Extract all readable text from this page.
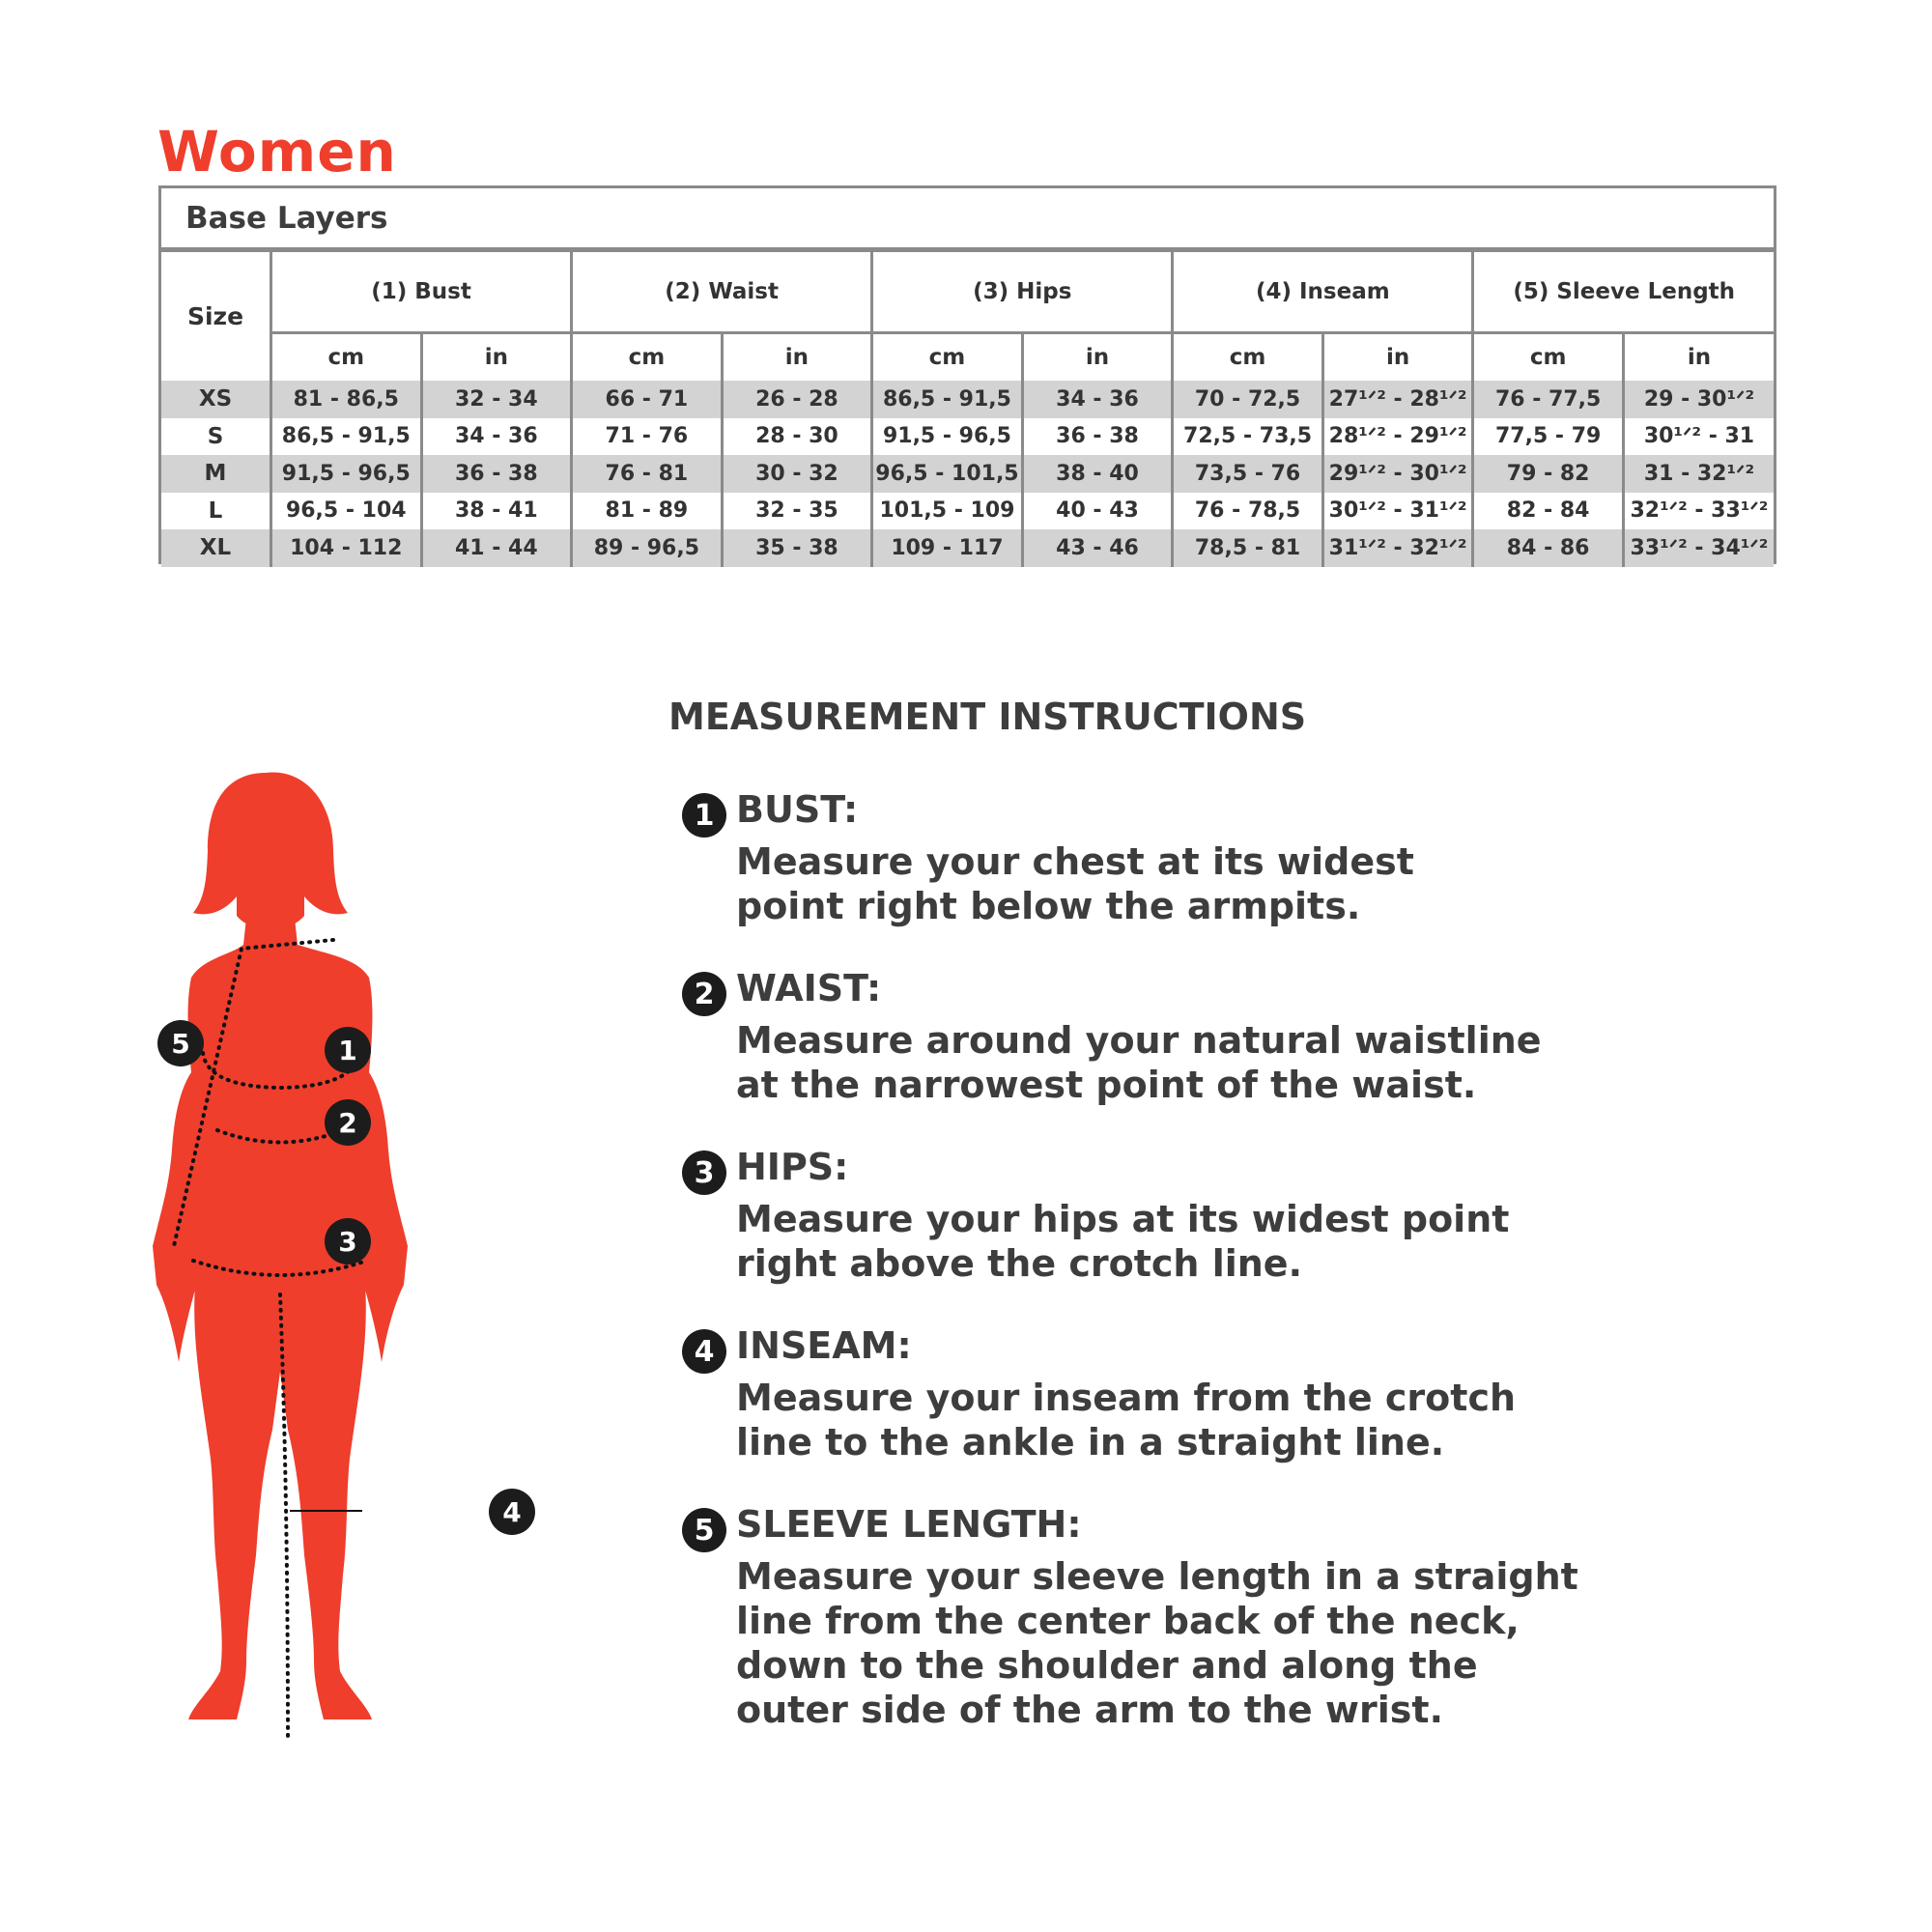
Women
Base Layers
Size	(1) Bust		(2) Waist		(3) Hips		(4) Inseam		(5) Sleeve Length	
	cm	in	cm	in	cm	in	cm	in	cm	in
XS	81 - 86,5	32 - 34	66 - 71	26 - 28	86,5 - 91,5	34 - 36	70 - 72,5	27¹ᐟ² - 28¹ᐟ²	76 - 77,5	29 - 30¹ᐟ²
S	86,5 - 91,5	34 - 36	71 - 76	28 - 30	91,5 - 96,5	36 - 38	72,5 - 73,5	28¹ᐟ² - 29¹ᐟ²	77,5 - 79	30¹ᐟ² - 31
M	91,5 - 96,5	36 - 38	76 - 81	30 - 32	96,5 - 101,5	38 - 40	73,5 - 76	29¹ᐟ² - 30¹ᐟ²	79 - 82	31 - 32¹ᐟ²
L	96,5 - 104	38 - 41	81 - 89	32 - 35	101,5 - 109	40 - 43	76 - 78,5	30¹ᐟ² - 31¹ᐟ²	82 - 84	32¹ᐟ² - 33¹ᐟ²
XL	104 - 112	41 - 44	89 - 96,5	35 - 38	109 - 117	43 - 46	78,5 - 81	31¹ᐟ² - 32¹ᐟ²	84 - 86	33¹ᐟ² - 34¹ᐟ²
MEASUREMENT INSTRUCTIONS
1 BUST:
Measure your chest at its widest
point right below the armpits.
2 WAIST:
Measure around your natural waistline
at the narrowest point of the waist.
3 HIPS:
Measure your hips at its widest point
right above the crotch line.
4 INSEAM:
Measure your inseam from the crotch
line to the ankle in a straight line.
5 SLEEVE LENGTH:
Measure your sleeve length in a straight
line from the center back of the neck,
down to the shoulder and along the
outer side of the arm to the wrist.
1
2
3
4
5
